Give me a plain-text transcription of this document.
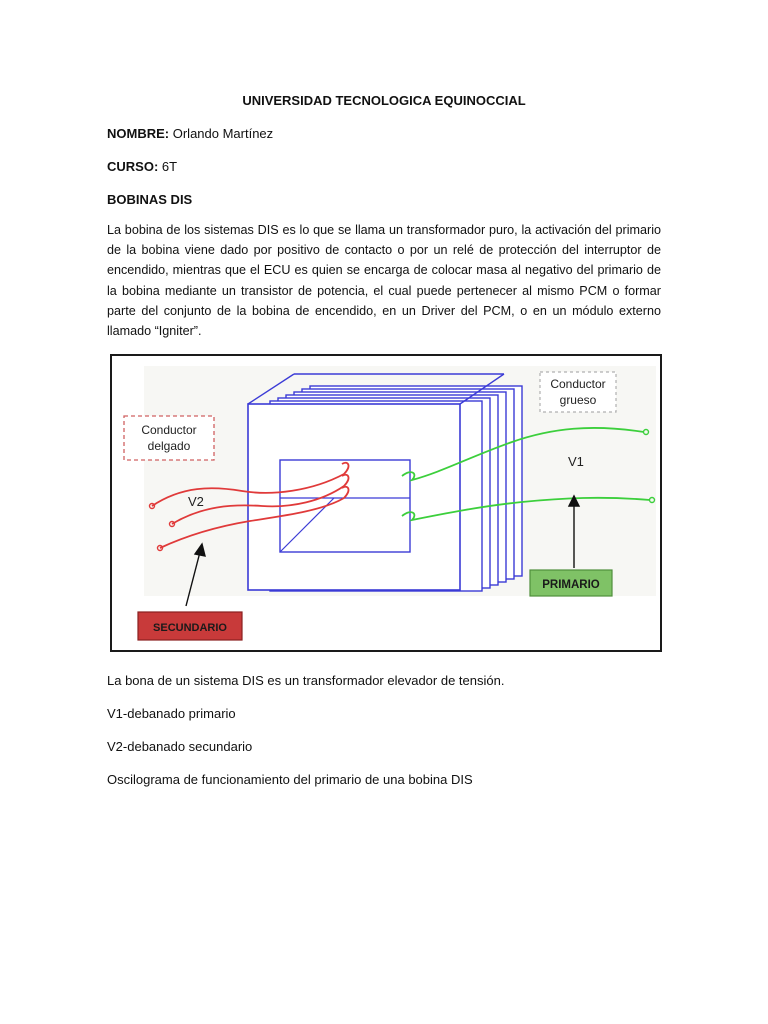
UNIVERSIDAD TECNOLOGICA EQUINOCCIAL
NOMBRE: Orlando Martínez
CURSO: 6T
BOBINAS DIS
La bobina de los sistemas DIS es lo que se llama un transformador puro, la activación del primario de la bobina viene dado por positivo de contacto o por un relé de protección del interruptor de encendido, mientras que el ECU es quien se encarga de colocar masa al negativo del primario de la bobina mediante un transistor de potencia, el cual puede pertenecer al mismo PCM o formar parte del conjunto de la bobina de encendido, en un Driver del PCM, o en un módulo externo llamado “Igniter”.
Conductor
delgado
Conductor
grueso
V2
V1
PRIMARIO
SECUNDARIO
La bona de un sistema DIS es un transformador elevador de tensión.
V1-debanado primario
V2-debanado secundario
Oscilograma de funcionamiento del primario de una bobina DIS
